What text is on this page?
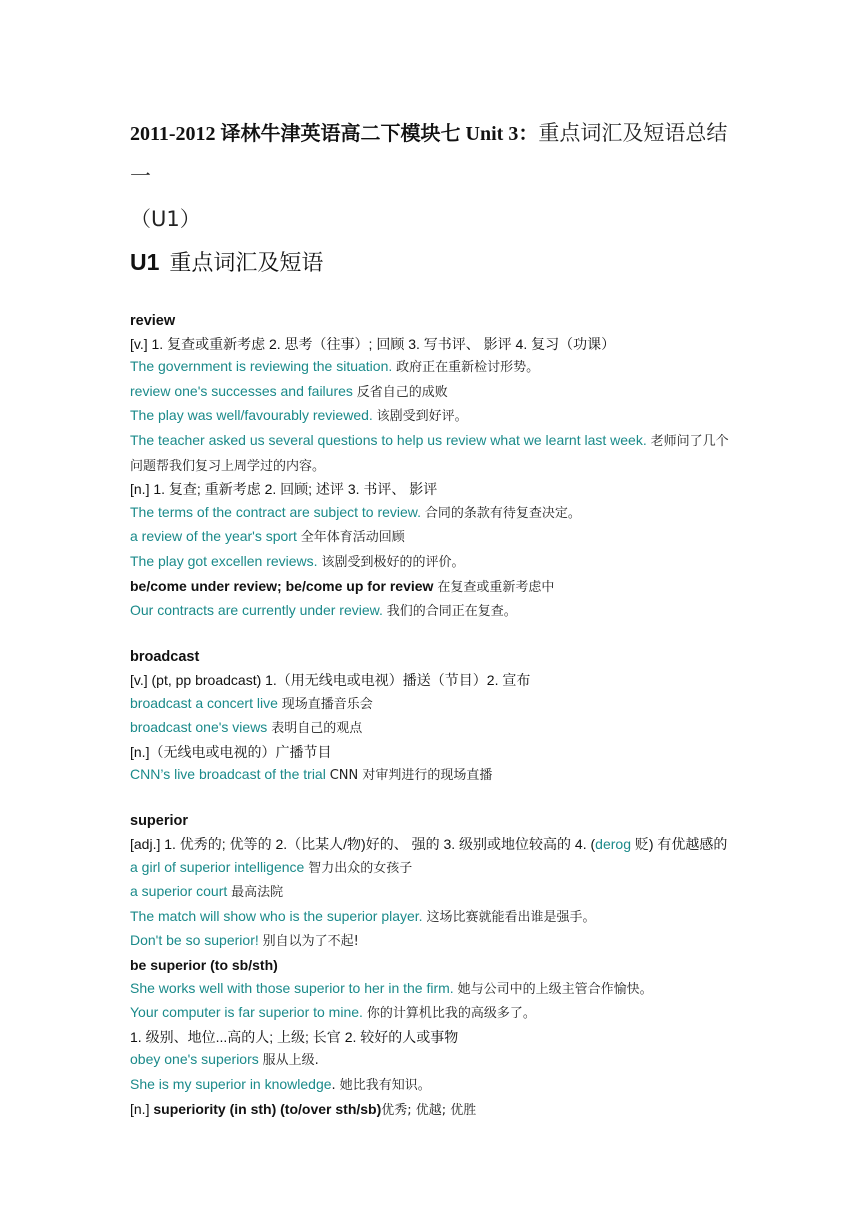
2011-2012 译林牛津英语高二下模块七 Unit 3：重点词汇及短语总结一
（U1）
U1 重点词汇及短语
review
[v.] 1. 复查或重新考虑 2. 思考（往事）; 回顾 3. 写书评、 影评 4. 复习（功课）
The government is reviewing the situation. 政府正在重新检讨形势。
review one's successes and failures 反省自己的成败
The play was well/favourably reviewed. 该剧受到好评。
The teacher asked us several questions to help us review what we learnt last week. 老师问了几个问题帮我们复习上周学过的内容。
[n.] 1. 复查; 重新考虑 2. 回顾; 述评 3. 书评、 影评
The terms of the contract are subject to review. 合同的条款有待复查决定。
a review of the year's sport 全年体育活动回顾
The play got excellen reviews. 该剧受到极好的的评价。
be/come under review; be/come up for review 在复查或重新考虑中
Our contracts are currently under review. 我们的合同正在复查。
broadcast
[v.] (pt, pp broadcast) 1.（用无线电或电视）播送（节目）2. 宣布
broadcast a concert live 现场直播音乐会
broadcast one's views 表明自己的观点
[n.]（无线电或电视的）广播节目
CNN’s live broadcast of the trial CNN 对审判进行的现场直播
superior
[adj.] 1. 优秀的; 优等的 2.（比某人/物)好的、 强的 3. 级别或地位较高的 4. (derog 贬) 有优越感的
a girl of superior intelligence 智力出众的女孩子
a superior court 最高法院
The match will show who is the superior player. 这场比赛就能看出谁是强手。
Don't be so superior! 别自以为了不起!
be superior (to sb/sth)
She works well with those superior to her in the firm. 她与公司中的上级主管合作愉快。
Your computer is far superior to mine. 你的计算机比我的高级多了。
1. 级别、地位...高的人; 上级; 长官 2. 较好的人或事物
obey one's superiors 服从上级.
She is my superior in knowledge. 她比我有知识。
[n.] superiority (in sth) (to/over sth/sb)优秀; 优越; 优胜
